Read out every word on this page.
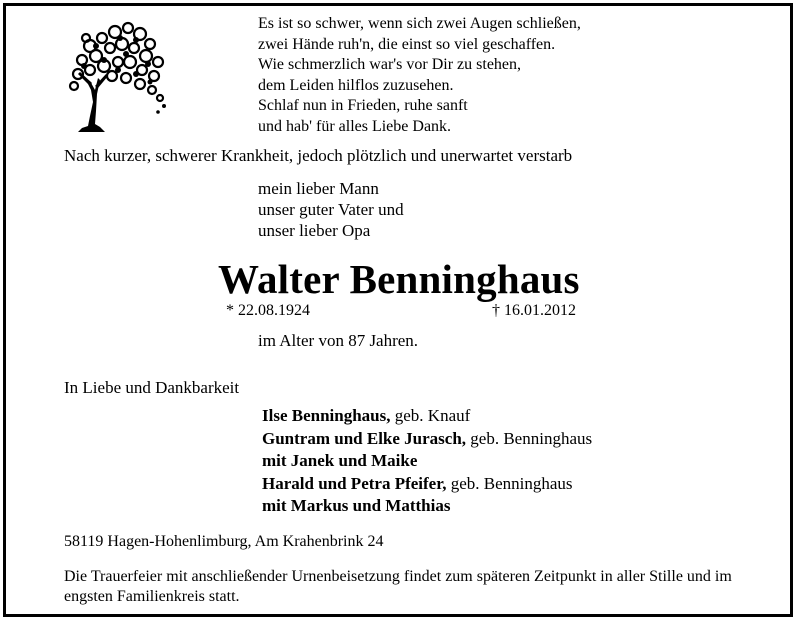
Es ist so schwer, wenn sich zwei Augen schließen,
zwei Hände ruh'n, die einst so viel geschaffen.
Wie schmerzlich war's vor Dir zu stehen,
dem Leiden hilflos zuzusehen.
Schlaf nun in Frieden, ruhe sanft
und hab' für alles Liebe Dank.
Nach kurzer, schwerer Krankheit, jedoch plötzlich und unerwartet verstarb
mein lieber Mann
unser guter Vater und
unser lieber Opa
Walter Benninghaus
* 22.08.1924	† 16.01.2012
im Alter von 87 Jahren.
In Liebe und Dankbarkeit
Ilse Benninghaus, geb. Knauf
Guntram und Elke Jurasch, geb. Benninghaus
mit Janek und Maike
Harald und Petra Pfeifer, geb. Benninghaus
mit Markus und Matthias
58119 Hagen-Hohenlimburg, Am Krahenbrink 24
Die Trauerfeier mit anschließender Urnenbeisetzung findet zum späteren Zeitpunkt in aller Stille und im engsten Familienkreis statt.
